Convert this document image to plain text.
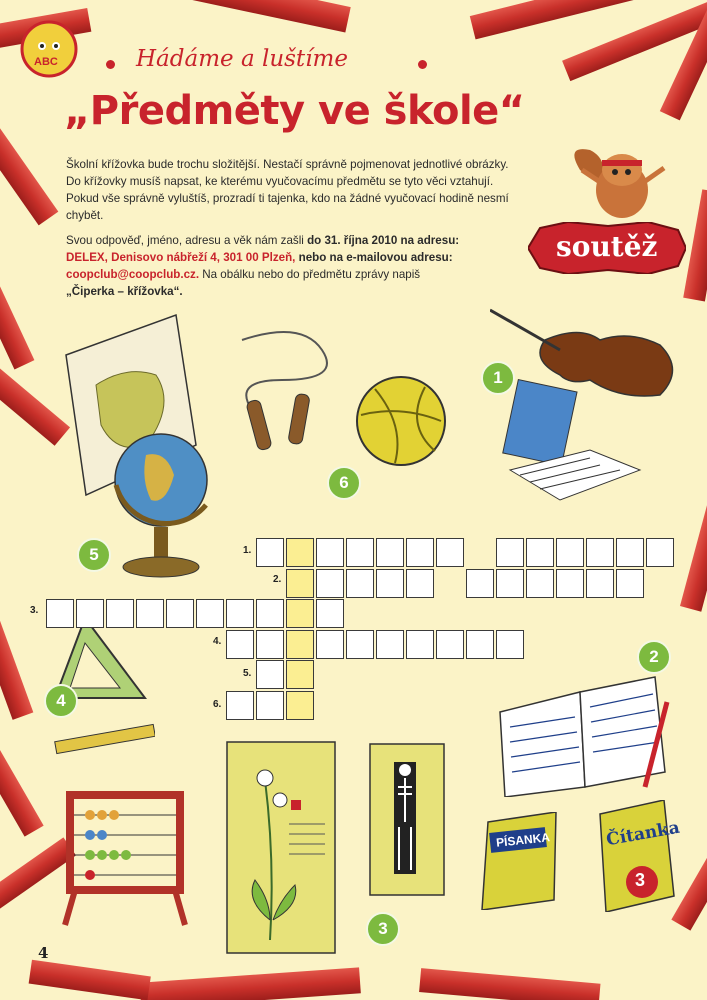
ABC	Hádáme a luštíme
„Předměty ve škole“
Školní křížovka bude trochu složitější. Nestačí správně pojmenovat jednotlivé obrázky. Do křížovky musíš napsat, ke kterému vyučovacímu předmětu se tyto věci vztahují. Pokud vše správně vyluštíš, prozradí ti tajenka, kdo na žádné vyučovací hodině nesmí chybět.
Svou odpověď, jméno, adresu a věk nám zašli do 31. října 2010 na adresu:
DELEX, Denisovo nábřeží 4, 301 00 Plzeň, nebo na e-mailovou adresu:
coopclub@coopclub.cz. Na obálku nebo do předmětu zprávy napiš
„Čiperka – křížovka“.
soutěž
PÍSANKA	Čítanka
3
1
2
3
4
5
6
1.
2.
3.
4.
5.
6.
4
